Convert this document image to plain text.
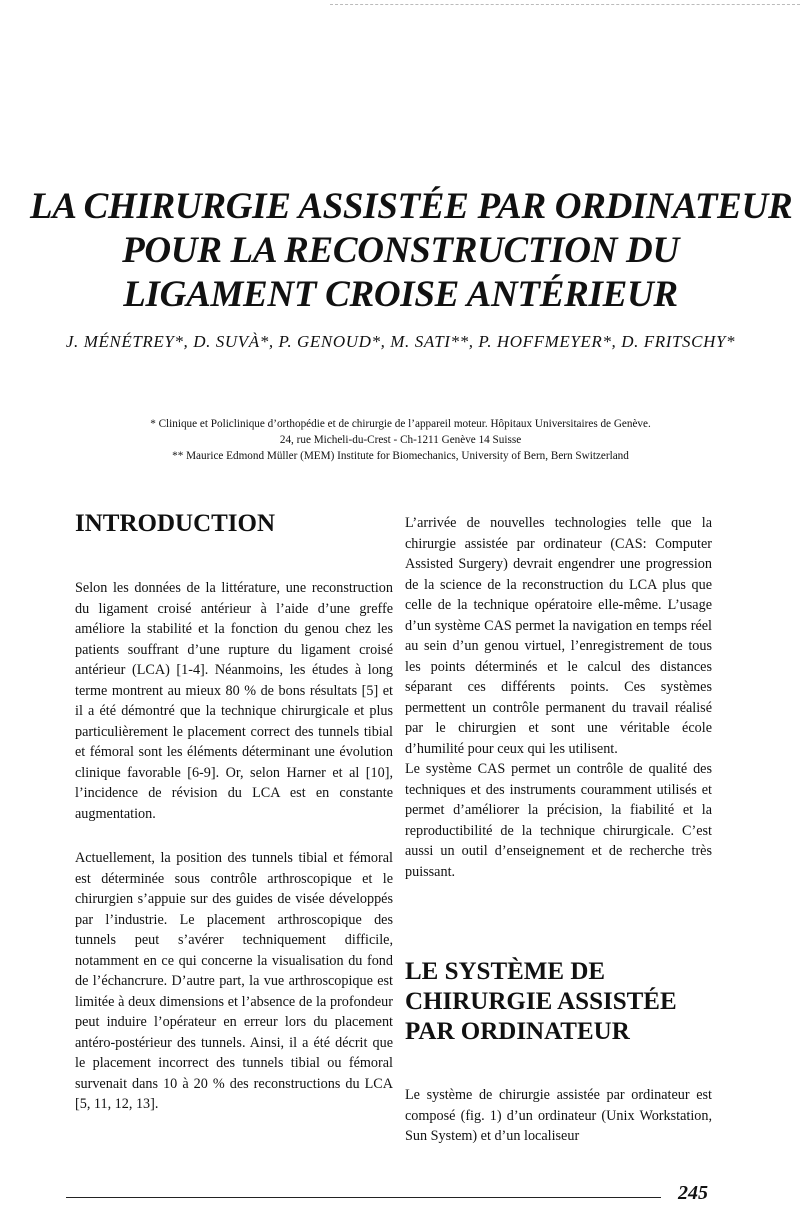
LA CHIRURGIE ASSISTÉE PAR ORDINATEUR
POUR LA RECONSTRUCTION DU
LIGAMENT CROISE ANTÉRIEUR
J. MÉNÉTREY*, D. SUVÀ*, P. GENOUD*, M. SATI**, P. HOFFMEYER*, D. FRITSCHY*
* Clinique et Policlinique d’orthopédie et de chirurgie de l’appareil moteur. Hôpitaux Universitaires de Genève.
24, rue Micheli-du-Crest - Ch-1211 Genève 14 Suisse
** Maurice Edmond Müller (MEM) Institute for Biomechanics, University of Bern, Bern Switzerland
INTRODUCTION

Selon les données de la littérature, une reconstruction du ligament croisé antérieur à l’aide d’une greffe améliore la stabilité et la fonction du genou chez les patients souffrant d’une rupture du ligament croisé antérieur (LCA) [1-4]. Néanmoins, les études à long terme montrent au mieux 80 % de bons résultats [5] et il a été démontré que la technique chirurgicale et plus particulièrement le placement correct des tunnels tibial et fémoral sont les éléments déterminant une évolution clinique favorable [6-9]. Or, selon Harner et al [10], l’incidence de révision du LCA est en constante augmentation.

Actuellement, la position des tunnels tibial et fémoral est déterminée sous contrôle arthroscopique et le chirurgien s’appuie sur des guides de visée développés par l’industrie. Le placement arthroscopique des tunnels peut s’avérer techniquement difficile, notamment en ce qui concerne la visualisation du fond de l’échancrure. D’autre part, la vue arthroscopique est limitée à deux dimensions et l’absence de la profondeur peut induire l’opérateur en erreur lors du placement antéro-postérieur des tunnels. Ainsi, il a été décrit que le placement incorrect des tunnels tibial ou fémoral survenait dans 10 à 20 % des reconstructions du LCA [5, 11, 12, 13].

L’arrivée de nouvelles technologies telle que la chirurgie assistée par ordinateur (CAS: Computer Assisted Surgery) devrait engendrer une progression de la science de la reconstruction du LCA plus que celle de la technique opératoire elle-même. L’usage d’un système CAS permet la navigation en temps réel au sein d’un genou virtuel, l’enregistrement de tous les points déterminés et le calcul des distances séparant ces différents points. Ces systèmes permettent un contrôle permanent du travail réalisé par le chirurgien et sont une véritable école d’humilité pour ceux qui les utilisent.

Le système CAS permet un contrôle de qualité des techniques et des instruments couramment utilisés et permet d’améliorer la précision, la fiabilité et la reproductibilité de la technique chirurgicale. C’est aussi un outil d’enseignement et de recherche très puissant.

LE SYSTÈME DE
CHIRURGIE ASSISTÉE
PAR ORDINATEUR

Le système de chirurgie assistée par ordinateur est composé (fig. 1) d’un ordinateur (Unix Workstation, Sun System) et d’un localiseur

245
